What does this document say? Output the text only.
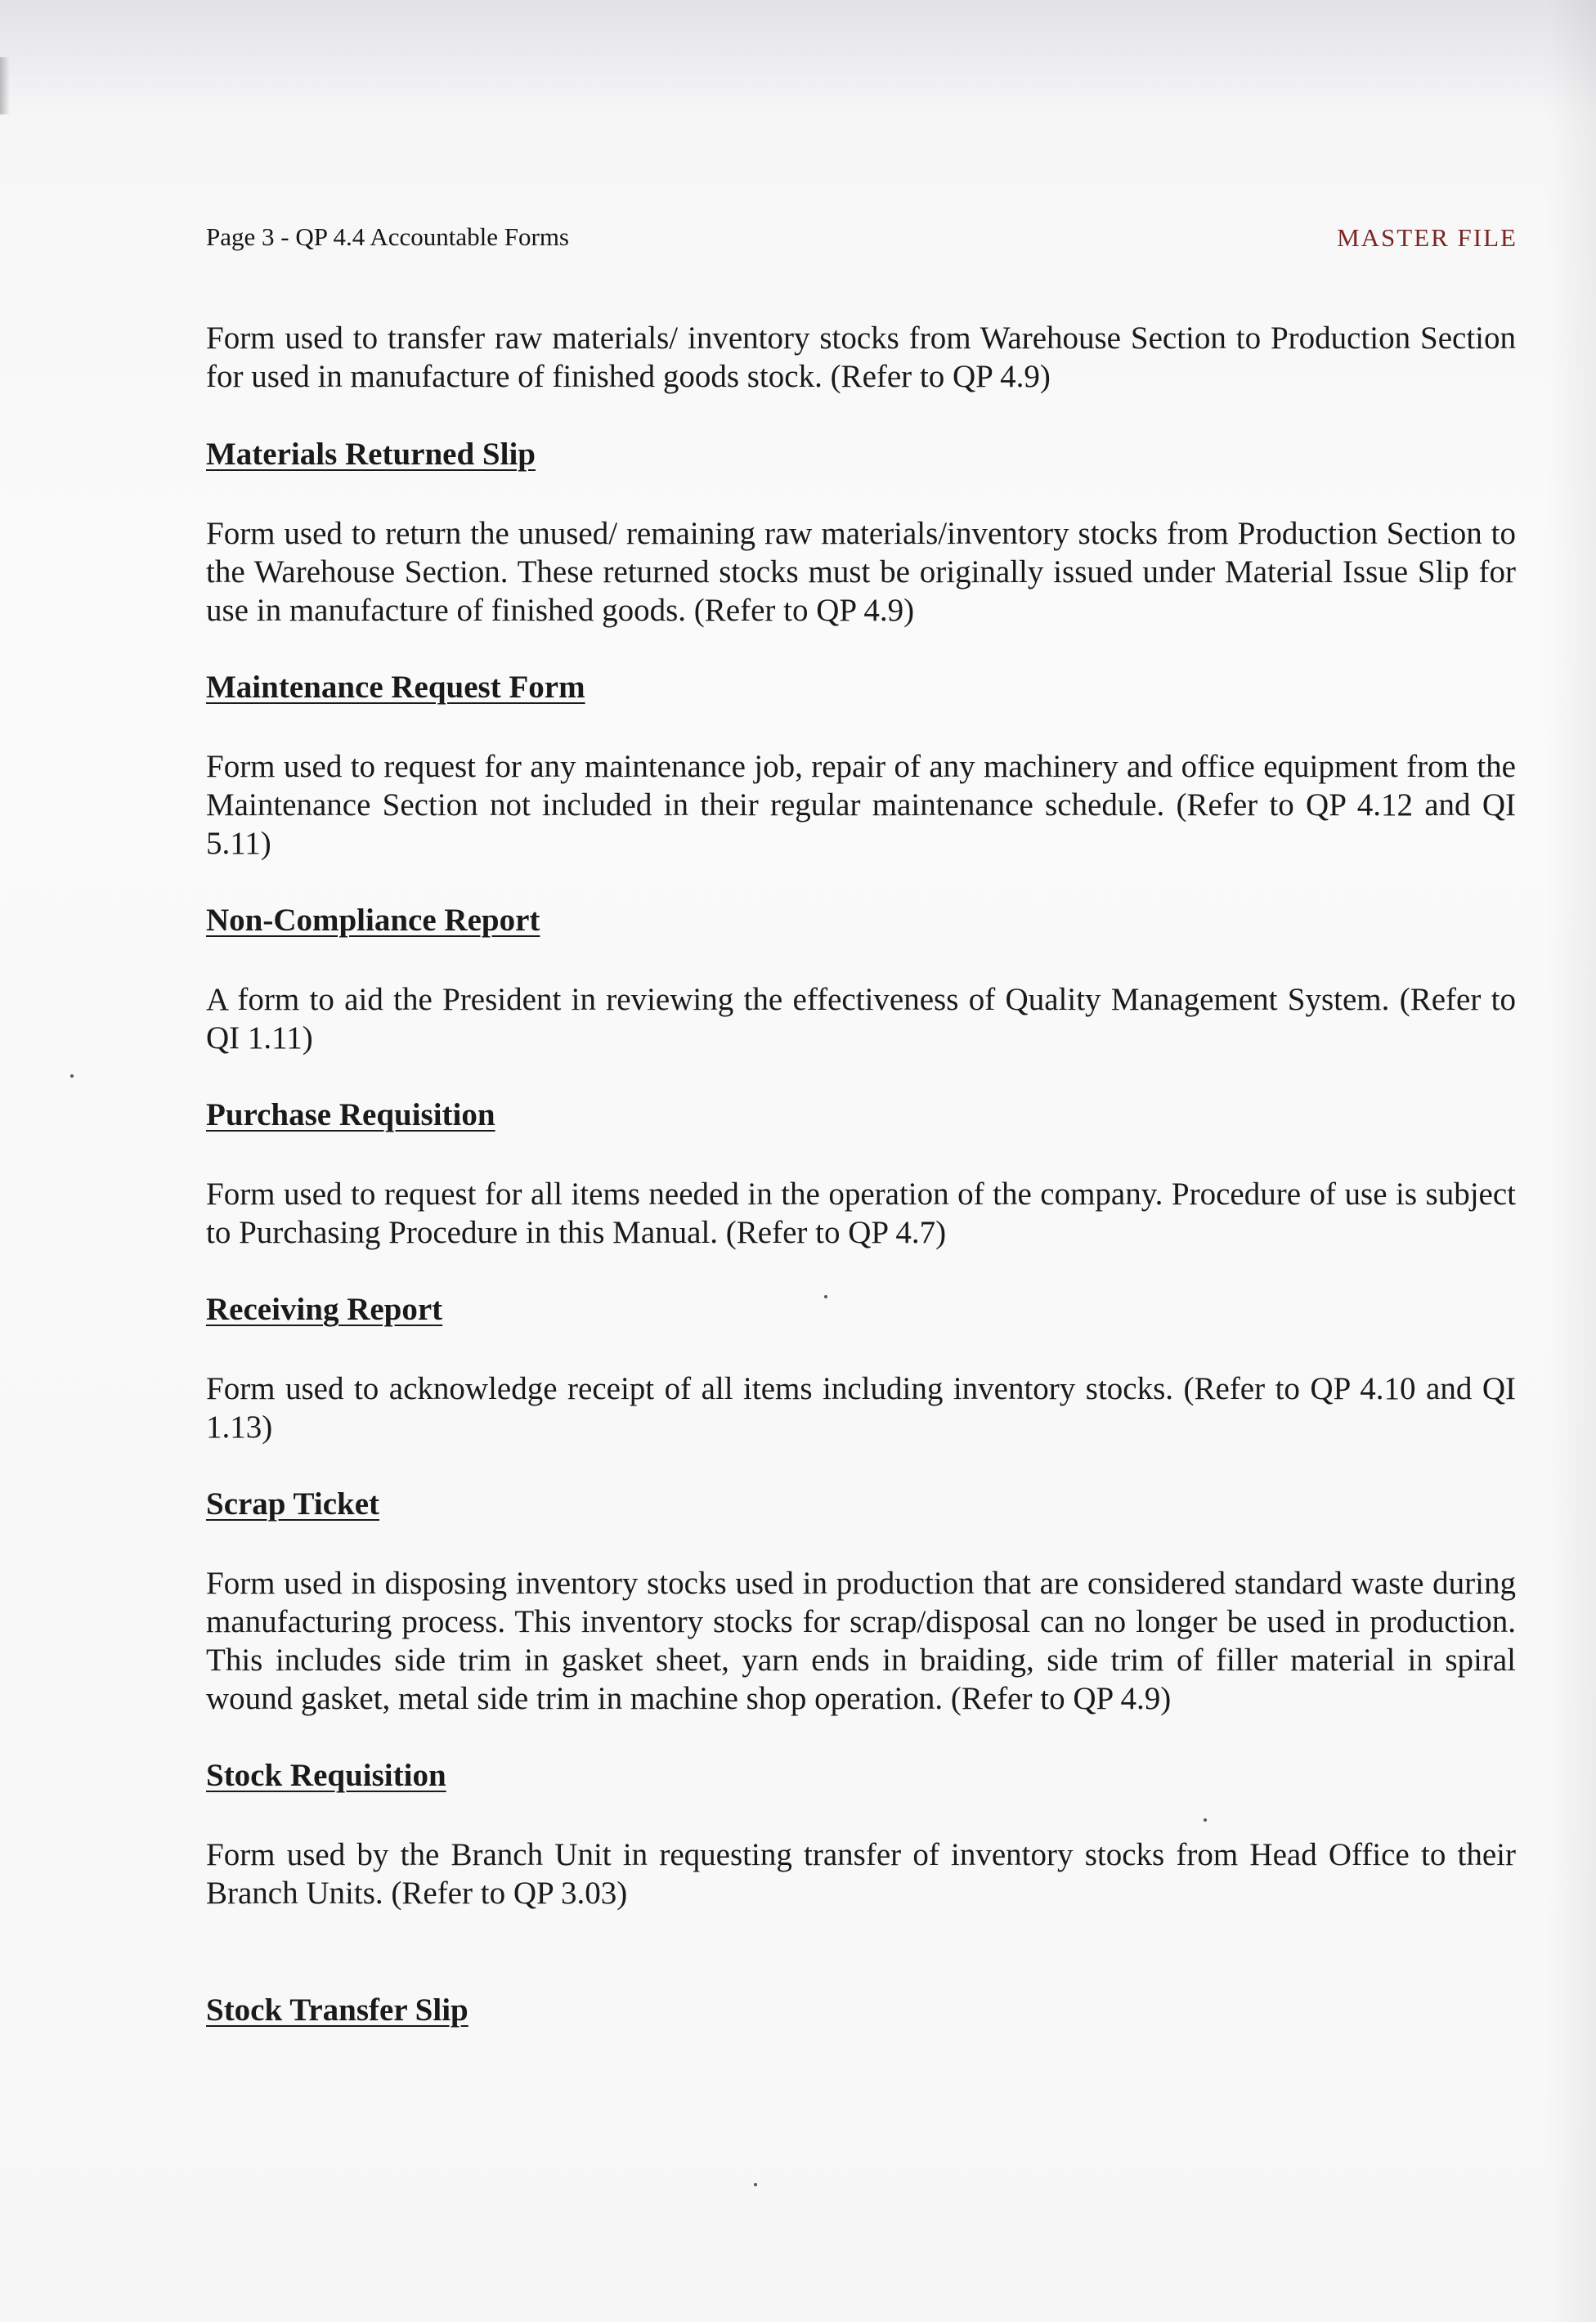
Page 3 - QP 4.4 Accountable Forms	MASTER FILE

Form used to transfer raw materials/ inventory stocks from Warehouse Section to Production Section for used in manufacture of finished goods stock. (Refer to QP 4.9)

Materials Returned Slip

Form used to return the unused/ remaining raw materials/inventory stocks from Production Section to the Warehouse Section. These returned stocks must be originally issued under Material Issue Slip for use in manufacture of finished goods. (Refer to QP 4.9)

Maintenance Request Form

Form used to request for any maintenance job, repair of any machinery and office equipment from the Maintenance Section not included in their regular maintenance schedule. (Refer to QP 4.12 and QI 5.11)

Non-Compliance Report

A form to aid the President in reviewing the effectiveness of Quality Management System. (Refer to QI 1.11)

Purchase Requisition

Form used to request for all items needed in the operation of the company. Procedure of use is subject to Purchasing Procedure in this Manual. (Refer to QP 4.7)

Receiving Report

Form used to acknowledge receipt of all items including inventory stocks. (Refer to QP 4.10 and QI 1.13)

Scrap Ticket

Form used in disposing inventory stocks used in production that are considered standard waste during manufacturing process. This inventory stocks for scrap/disposal can no longer be used in production. This includes side trim in gasket sheet, yarn ends in braiding, side trim of filler material in spiral wound gasket, metal side trim in machine shop operation. (Refer to QP 4.9)

Stock Requisition

Form used by the Branch Unit in requesting transfer of inventory stocks from Head Office to their Branch Units. (Refer to QP 3.03)

Stock Transfer Slip
